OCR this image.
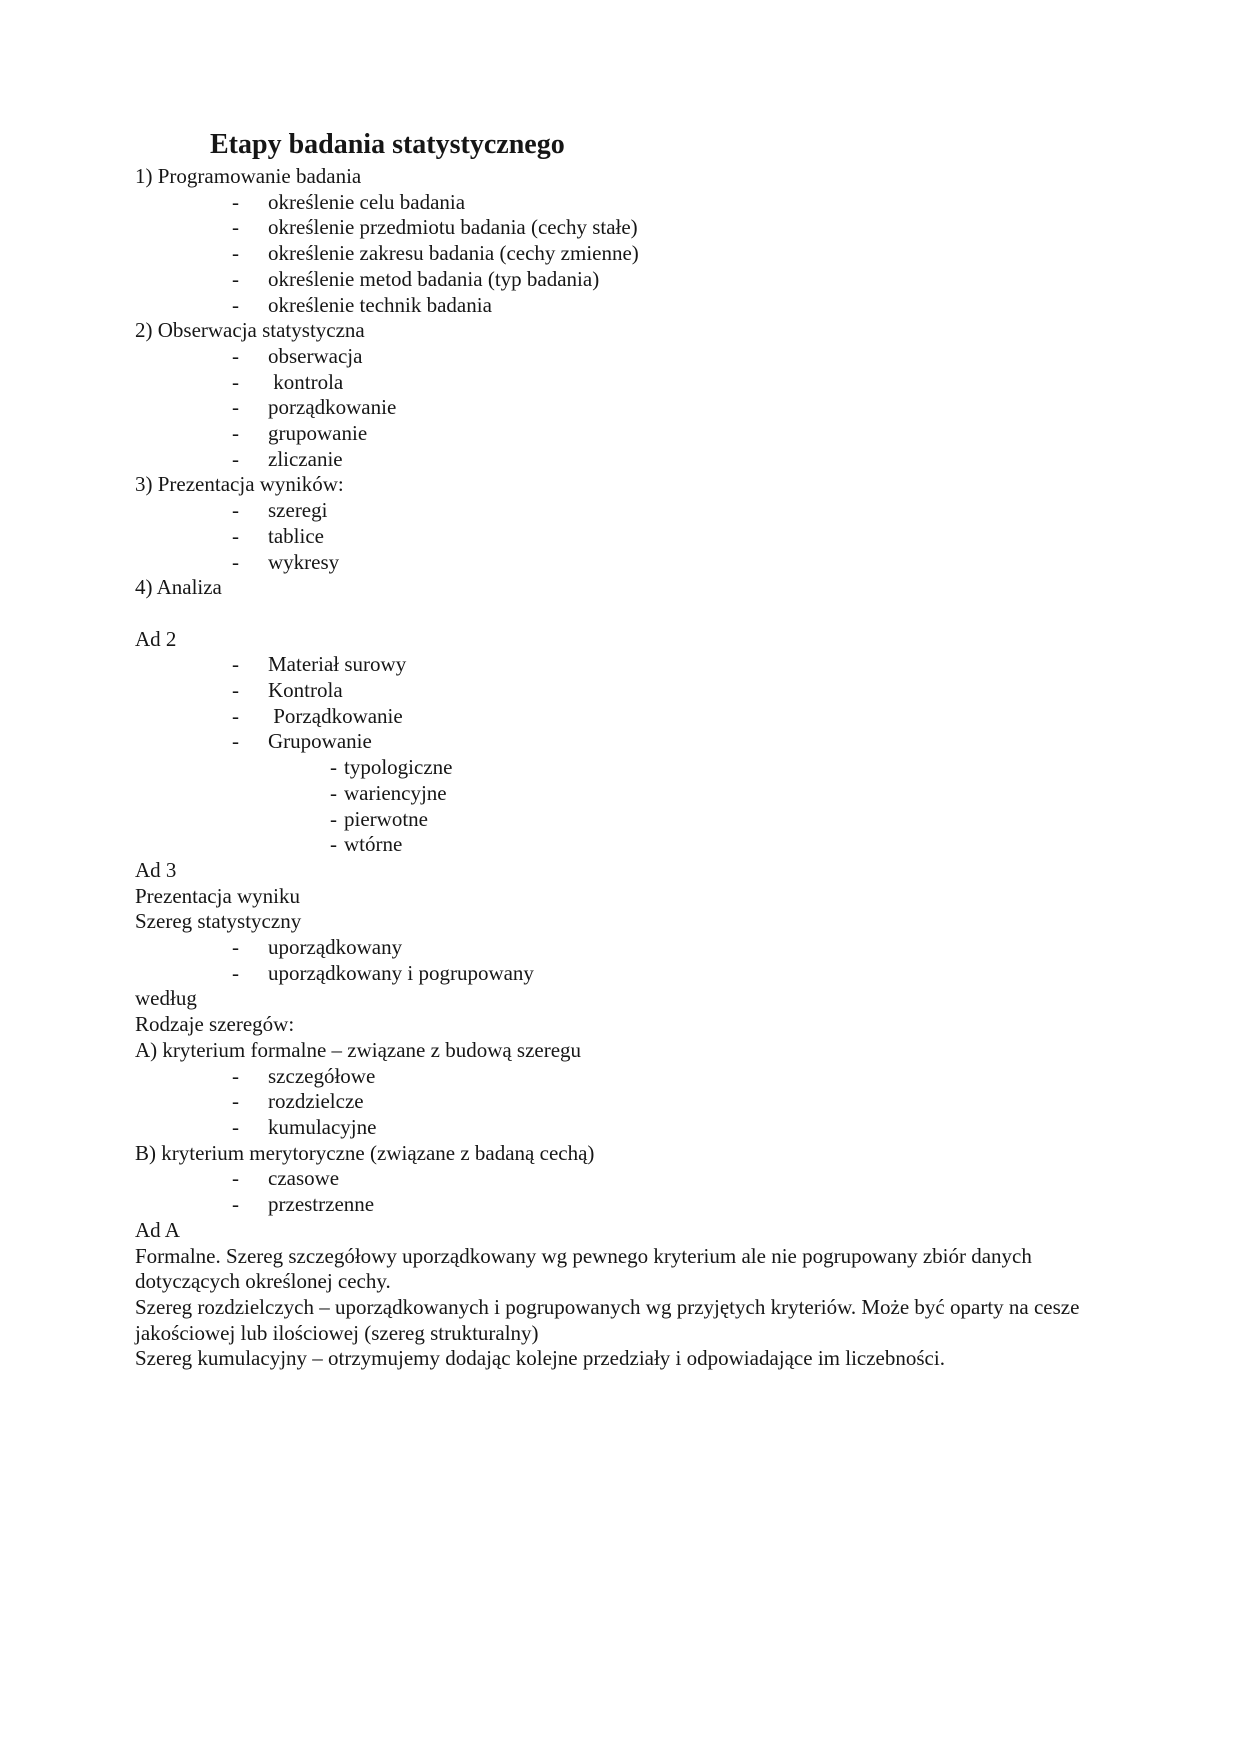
Etapy badania statystycznego
1) Programowanie badania
-	określenie celu badania
-	określenie przedmiotu badania (cechy stałe)
-	określenie zakresu badania (cechy zmienne)
-	określenie metod badania (typ badania)
-	określenie technik badania
2) Obserwacja statystyczna
-	obserwacja
-	kontrola
-	porządkowanie
-	grupowanie
-	zliczanie
3) Prezentacja wyników:
-	szeregi
-	tablice
-	wykresy
4) Analiza
Ad 2
-	Materiał surowy
-	Kontrola
-	Porządkowanie
-	Grupowanie
- typologiczne
- wariencyjne
- pierwotne
- wtórne
Ad 3
Prezentacja wyniku
Szereg statystyczny
-	uporządkowany
-	uporządkowany i pogrupowany
według
Rodzaje szeregów:
A) kryterium formalne – związane z budową szeregu
-	szczegółowe
-	rozdzielcze
-	kumulacyjne
B) kryterium merytoryczne (związane z badaną cechą)
-	czasowe
-	przestrzenne
Ad A
Formalne. Szereg szczegółowy uporządkowany wg pewnego kryterium ale nie pogrupowany zbiór danych dotyczących określonej cechy.
Szereg rozdzielczych – uporządkowanych i pogrupowanych wg przyjętych kryteriów. Może być oparty na cesze jakościowej lub ilościowej (szereg strukturalny)
Szereg kumulacyjny – otrzymujemy dodając kolejne przedziały i odpowiadające im liczebności.
